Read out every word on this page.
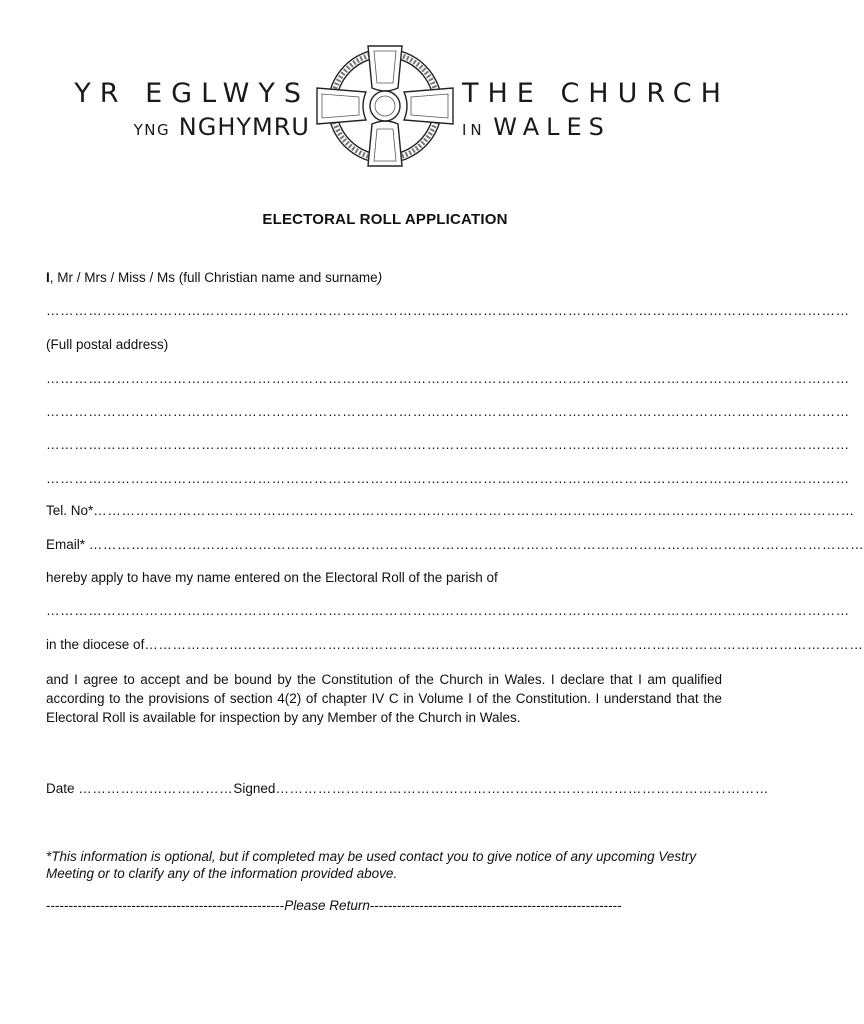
YR EGLWYS
YNG NGHYMRU
THE CHURCH
IN WALES
ELECTORAL ROLL APPLICATION
I, Mr / Mrs / Miss / Ms (full Christian name and surname)
………………………………………………………………………………………………………………………………………………………
(Full postal address)
………………………………………………………………………………………………………………………………………………………
………………………………………………………………………………………………………………………………………………………
………………………………………………………………………………………………………………………………………………………
………………………………………………………………………………………………………………………………………………………
Tel. No*………………………………………………………………………………………………………………………………………………
Email* …………………………………………………………………………………………………………………………………………………
hereby apply to have my name entered on the Electoral Roll of the parish of
………………………………………………………………………………………………………………………………………………………
in the diocese of………………………………………………………………………………………………………………………………………
and I agree to accept and be bound by the Constitution of the Church in Wales. I declare that I am qualified according to the provisions of section 4(2) of chapter IV C in Volume I of the Constitution. I understand that the Electoral Roll is available for inspection by any Member of the Church in Wales.
Date ……………………………Signed……………………………………………………………………………………………
*This information is optional, but if completed may be used contact you to give notice of any upcoming Vestry Meeting or to clarify any of the information provided above.
-----------------------------------------------------Please Return--------------------------------------------------------
